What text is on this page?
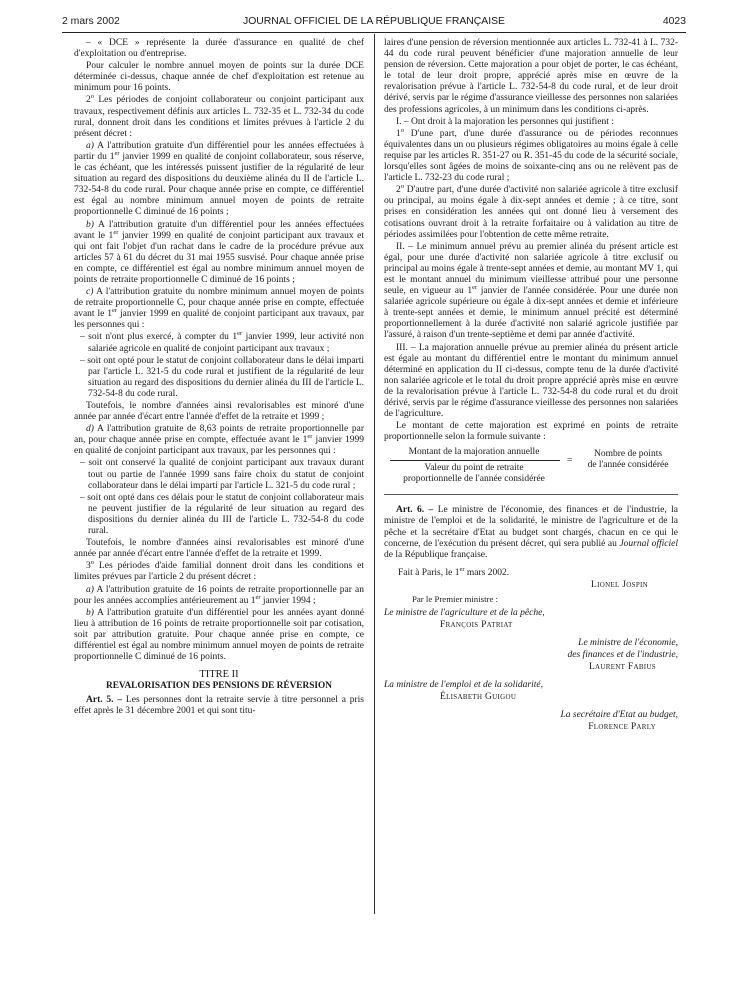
2 mars 2002	JOURNAL OFFICIEL DE LA RÉPUBLIQUE FRANÇAISE	4023

– « DCE » représente la durée d'assurance en qualité de chef d'exploitation ou d'entreprise.

Pour calculer le nombre annuel moyen de points sur la durée DCE déterminée ci-dessus, chaque année de chef d'exploitation est retenue au minimum pour 16 points.

2$^o$ Les périodes de conjoint collaborateur ou conjoint participant aux travaux, respectivement définis aux articles L. 732-35 et L. 732-34 du code rural, donnent droit dans les conditions et limites prévues à l'article 2 du présent décret :

a) A l'attribution gratuite d'un différentiel pour les années effectuées à partir du 1er janvier 1999 en qualité de conjoint collaborateur, sous réserve, le cas échéant, que les intéressés puissent justifier de la régularité de leur situation au regard des dispositions du deuxième alinéa du II de l'article L. 732-54-8 du code rural. Pour chaque année prise en compte, ce différentiel est égal au nombre minimum annuel moyen de points de retraite proportionnelle C diminué de 16 points ;

b) A l'attribution gratuite d'un différentiel pour les années effectuées avant le 1er janvier 1999 en qualité de conjoint participant aux travaux et qui ont fait l'objet d'un rachat dans le cadre de la procédure prévue aux articles 57 à 61 du décret du 31 mai 1955 susvisé. Pour chaque année prise en compte, ce différentiel est égal au nombre minimum annuel moyen de points de retraite proportionnelle C diminué de 16 points ;

c) A l'attribution gratuite du nombre minimum annuel moyen de points de retraite proportionnelle C, pour chaque année prise en compte, effectuée avant le 1er janvier 1999 en qualité de conjoint participant aux travaux, par les personnes qui :

– soit n'ont plus exercé, à compter du 1er janvier 1999, leur activité non salariée agricole en qualité de conjoint participant aux travaux ;

– soit ont opté pour le statut de conjoint collaborateur dans le délai imparti par l'article L. 321-5 du code rural et justifient de la régularité de leur situation au regard des dispositions du dernier alinéa du III de l'article L. 732-54-8 du code rural.

Toutefois, le nombre d'années ainsi revalorisables est minoré d'une année par année d'écart entre l'année d'effet de la retraite et 1999 ;

d) A l'attribution gratuite de 8,63 points de retraite proportionnelle par an, pour chaque année prise en compte, effectuée avant le 1er janvier 1999 en qualité de conjoint participant aux travaux, par les personnes qui :

– soit ont conservé la qualité de conjoint participant aux travaux durant tout ou partie de l'année 1999 sans faire choix du statut de conjoint collaborateur dans le délai imparti par l'article L. 321-5 du code rural ;

– soit ont opté dans ces délais pour le statut de conjoint collaborateur mais ne peuvent justifier de la régularité de leur situation au regard des dispositions du dernier alinéa du III de l'article L. 732-54-8 du code rural.

Toutefois, le nombre d'années ainsi revalorisables est minoré d'une année par année d'écart entre l'année d'effet de la retraite et 1999.

3$^o$ Les périodes d'aide familial donnent droit dans les conditions et limites prévues par l'article 2 du présent décret :

a) A l'attribution gratuite de 16 points de retraite proportionnelle par an pour les années accomplies antérieurement au 1er janvier 1994 ;

b) A l'attribution gratuite d'un différentiel pour les années ayant donné lieu à attribution de 16 points de retraite proportionnelle soit par cotisation, soit par attribution gratuite. Pour chaque année prise en compte, ce différentiel est égal au nombre minimum annuel moyen de points de retraite proportionnelle C diminué de 16 points.

TITRE II

REVALORISATION DES PENSIONS DE RÉVERSION

Art. 5. – Les personnes dont la retraite servie à titre personnel a pris effet après le 31 décembre 2001 et qui sont titu-

laires d'une pension de réversion mentionnée aux articles L. 732-41 à L. 732-44 du code rural peuvent bénéficier d'une majoration annuelle de leur pension de réversion. Cette majoration a pour objet de porter, le cas échéant, le total de leur droit propre, apprécié après mise en œuvre de la revalorisation prévue à l'article L. 732-54-8 du code rural, et de leur droit dérivé, servis par le régime d'assurance vieillesse des personnes non salariées des professions agricoles, à un minimum dans les conditions ci-après.

I. – Ont droit à la majoration les personnes qui justifient :

1$^o$ D'une part, d'une durée d'assurance ou de périodes reconnues équivalentes dans un ou plusieurs régimes obligatoires au moins égale à celle requise par les articles R. 351-27 ou R. 351-45 du code de la sécurité sociale, lorsqu'elles sont âgées de moins de soixante-cinq ans ou ne relèvent pas de l'article L. 732-23 du code rural ;

2$^o$ D'autre part, d'une durée d'activité non salariée agricole à titre exclusif ou principal, au moins égale à dix-sept années et demie ; à ce titre, sont prises en considération les années qui ont donné lieu à versement des cotisations ouvrant droit à la retraite forfaitaire ou à validation au titre de périodes assimilées pour l'obtention de cette même retraite.

II. – Le minimum annuel prévu au premier alinéa du présent article est égal, pour une durée d'activité non salariée agricole à titre exclusif ou principal au moins égale à trente-sept années et demie, au montant MV 1, qui est le montant annuel du minimum vieillesse attribué pour une personne seule, en vigueur au 1er janvier de l'année considérée. Pour une durée non salariée agricole supérieure ou égale à dix-sept années et demie et inférieure à trente-sept années et demie, le minimum annuel précité est déterminé proportionnellement à la durée d'activité non salarié agricole justifiée par l'assuré, à raison d'un trente-septième et demi par année d'activité.

III. – La majoration annuelle prévue au premier alinéa du présent article est égale au montant du différentiel entre le montant du minimum annuel déterminé en application du II ci-dessus, compte tenu de la durée d'activité non salariée agricole et le total du droit propre apprécié après mise en œuvre de la revalorisation prévue à l'article L. 732-54-8 du code rural et du droit dérivé, servis par le régime d'assurance vieillesse des personnes non salariées de l'agriculture.

Le montant de cette majoration est exprimé en points de retraite proportionnelle selon la formule suivante :

Montant de la majoration annuelle
Valeur du point de retraite
proportionnelle de l'année considérée
=
Nombre de points
de l'année considérée

Art. 6. – Le ministre de l'économie, des finances et de l'industrie, la ministre de l'emploi et de la solidarité, le ministre de l'agriculture et de la pêche et la secrétaire d'Etat au budget sont chargés, chacun en ce qui le concerne, de l'exécution du présent décret, qui sera publié au Journal officiel de la République française.

Fait à Paris, le 1er mars 2002.
Lionel Jospin
Par le Premier ministre :
Le ministre de l'agriculture et de la pêche,
François Patriat
Le ministre de l'économie,
des finances et de l'industrie,
Laurent Fabius
La ministre de l'emploi et de la solidarité,
Élisabeth Guigou
La secrétaire d'Etat au budget,
Florence Parly
